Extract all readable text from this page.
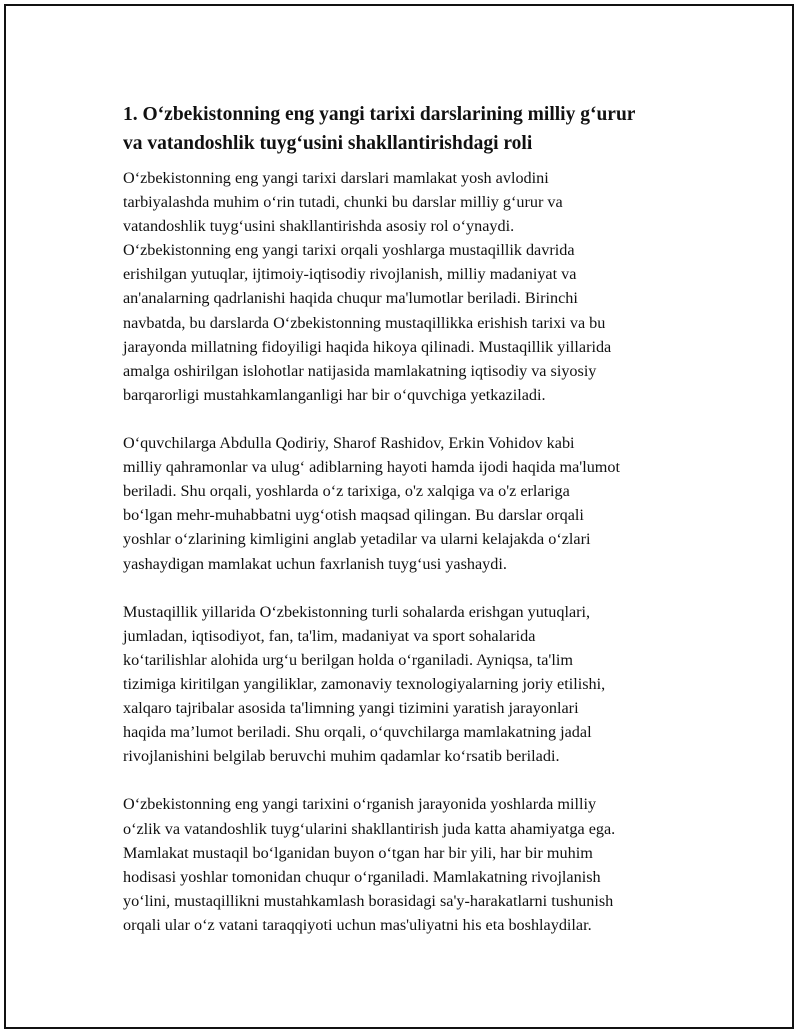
1. O‘zbekistonning eng yangi tarixi darslarining milliy g‘urur
va vatandoshlik tuyg‘usini shakllantirishdagi roli

O‘zbekistonning eng yangi tarixi darslari mamlakat yosh avlodini
tarbiyalashda muhim o‘rin tutadi, chunki bu darslar milliy g‘urur va
vatandoshlik tuyg‘usini shakllantirishda asosiy rol o‘ynaydi.
O‘zbekistonning eng yangi tarixi orqali yoshlarga mustaqillik davrida
erishilgan yutuqlar, ijtimoiy-iqtisodiy rivojlanish, milliy madaniyat va
an'analarning qadrlanishi haqida chuqur ma'lumotlar beriladi. Birinchi
navbatda, bu darslarda O‘zbekistonning mustaqillikka erishish tarixi va bu
jarayonda millatning fidoyiligi haqida hikoya qilinadi. Mustaqillik yillarida
amalga oshirilgan islohotlar natijasida mamlakatning iqtisodiy va siyosiy
barqarorligi mustahkamlanganligi har bir o‘quvchiga yetkaziladi.

O‘quvchilarga Abdulla Qodiriy, Sharof Rashidov, Erkin Vohidov kabi
milliy qahramonlar va ulug‘ adiblarning hayoti hamda ijodi haqida ma'lumot
beriladi. Shu orqali, yoshlarda o‘z tarixiga, o'z xalqiga va o'z erlariga
bo‘lgan mehr-muhabbatni uyg‘otish maqsad qilingan. Bu darslar orqali
yoshlar o‘zlarining kimligini anglab yetadilar va ularni kelajakda o‘zlari
yashaydigan mamlakat uchun faxrlanish tuyg‘usi yashaydi.

Mustaqillik yillarida O‘zbekistonning turli sohalarda erishgan yutuqlari,
jumladan, iqtisodiyot, fan, ta'lim, madaniyat va sport sohalarida
ko‘tarilishlar alohida urg‘u berilgan holda o‘rganiladi. Ayniqsa, ta'lim
tizimiga kiritilgan yangiliklar, zamonaviy texnologiyalarning joriy etilishi,
xalqaro tajribalar asosida ta'limning yangi tizimini yaratish jarayonlari
haqida ma’lumot beriladi. Shu orqali, o‘quvchilarga mamlakatning jadal
rivojlanishini belgilab beruvchi muhim qadamlar ko‘rsatib beriladi.

O‘zbekistonning eng yangi tarixini o‘rganish jarayonida yoshlarda milliy
o‘zlik va vatandoshlik tuyg‘ularini shakllantirish juda katta ahamiyatga ega.
Mamlakat mustaqil bo‘lganidan buyon o‘tgan har bir yili, har bir muhim
hodisasi yoshlar tomonidan chuqur o‘rganiladi. Mamlakatning rivojlanish
yo‘lini, mustaqillikni mustahkamlash borasidagi sa'y-harakatlarni tushunish
orqali ular o‘z vatani taraqqiyoti uchun mas'uliyatni his eta boshlaydilar.
